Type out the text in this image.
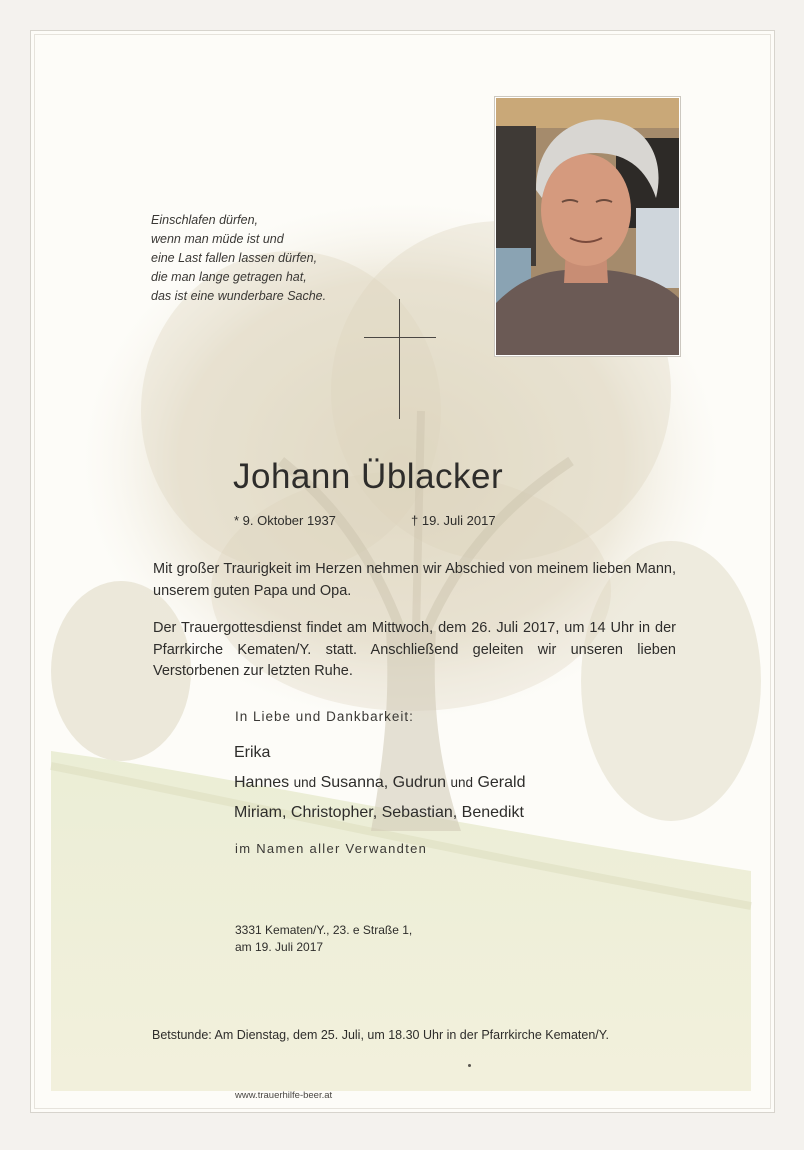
Einschlafen dürfen,
wenn man müde ist und
eine Last fallen lassen dürfen,
die man lange getragen hat,
das ist eine wunderbare Sache.
Johann Üblacker
* 9. Oktober 1937	† 19. Juli 2017
Mit großer Traurigkeit im Herzen nehmen wir Abschied von meinem lieben Mann, unserem guten Papa und Opa.
Der Trauergottesdienst findet am Mittwoch, dem 26. Juli 2017, um 14 Uhr in der Pfarrkirche Kematen/Y. statt. Anschließend geleiten wir unseren lieben Verstorbenen zur letzten Ruhe.
In Liebe und Dankbarkeit:
Erika
Hannes und Susanna, Gudrun und Gerald
Miriam, Christopher, Sebastian, Benedikt
im Namen aller Verwandten
3331 Kematen/Y., 23. e Straße 1,
am 19. Juli 2017
Betstunde: Am Dienstag, dem 25. Juli, um 18.30 Uhr in der Pfarrkirche Kematen/Y.
www.trauerhilfe-beer.at
